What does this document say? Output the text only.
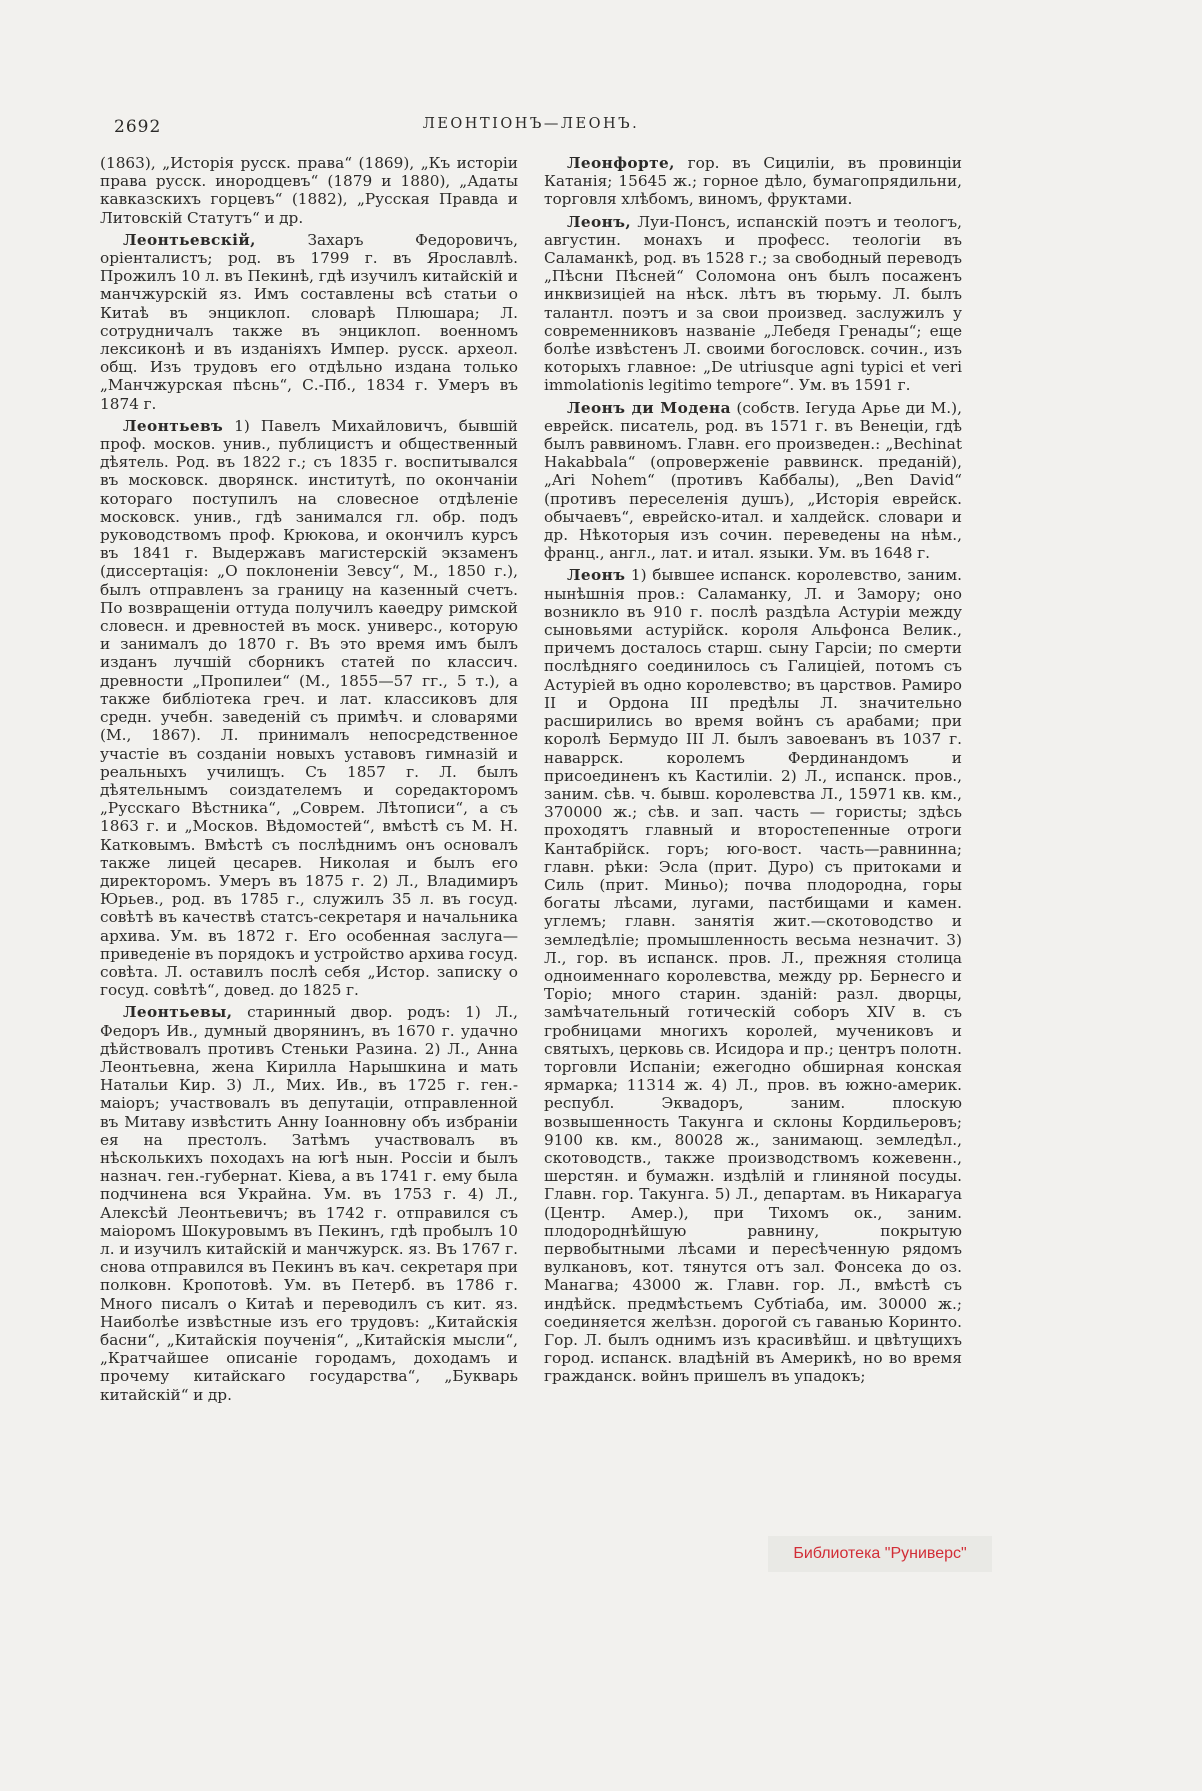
2692	ЛЕОНТІОНЪ—ЛЕОНЪ.

(1863), „Исторія русск. права“ (1869), „Къ исторіи права русск. инородцевъ“ (1879 и 1880), „Адаты кавказскихъ горцевъ“ (1882), „Русская Правда и Литовскій Статутъ“ и др.

Леонтьевскій, Захаръ Федоровичъ, оріенталистъ; род. въ 1799 г. въ Ярославлѣ. Прожилъ 10 л. въ Пекинѣ, гдѣ изучилъ китайскій и манчжурскій яз. Имъ составлены всѣ статьи о Китаѣ въ энциклоп. словарѣ Плюшара; Л. сотрудничалъ также въ энциклоп. военномъ лексиконѣ и въ изданіяхъ Импер. русск. археол. общ. Изъ трудовъ его отдѣльно издана только „Манчжурская пѣснь“, С.-Пб., 1834 г. Умеръ въ 1874 г.

Леонтьевъ 1) Павелъ Михайловичъ, бывшій проф. москов. унив., публицистъ и общественный дѣятель. Род. въ 1822 г.; съ 1835 г. воспитывался въ московск. дворянск. институтѣ, по окончаніи котораго поступилъ на словесное отдѣленіе московск. унив., гдѣ занимался гл. обр. подъ руководствомъ проф. Крюкова, и окончилъ курсъ въ 1841 г. Выдержавъ магистерскій экзаменъ (диссертація: „О поклоненіи Зевсу“, М., 1850 г.), былъ отправленъ за границу на казенный счетъ. По возвращеніи оттуда получилъ каѳедру римской словесн. и древностей въ моск. универс., которую и занималъ до 1870 г. Въ это время имъ былъ изданъ лучшій сборникъ статей по классич. древности „Пропилеи“ (М., 1855—57 гг., 5 т.), а также библіотека греч. и лат. классиковъ для средн. учебн. заведеній съ примѣч. и словарями (М., 1867). Л. принималъ непосредственное участіе въ созданіи новыхъ уставовъ гимназій и реальныхъ училищъ. Съ 1857 г. Л. былъ дѣятельнымъ соиздателемъ и соредакторомъ „Русскаго Вѣстника“, „Соврем. Лѣтописи“, а съ 1863 г. и „Москов. Вѣдомостей“, вмѣстѣ съ М. Н. Катковымъ. Вмѣстѣ съ послѣднимъ онъ основалъ также лицей цесарев. Николая и былъ его директоромъ. Умеръ въ 1875 г. 2) Л., Владимиръ Юрьев., род. въ 1785 г., служилъ 35 л. въ госуд. совѣтѣ въ качествѣ статсъ-секретаря и начальника архива. Ум. въ 1872 г. Его особенная заслуга—приведеніе въ порядокъ и устройство архива госуд. совѣта. Л. оставилъ послѣ себя „Истор. записку о госуд. совѣтѣ“, довед. до 1825 г.

Леонтьевы, старинный двор. родъ: 1) Л., Федоръ Ив., думный дворянинъ, въ 1670 г. удачно дѣйствовалъ противъ Стеньки Разина. 2) Л., Анна Леонтьевна, жена Кирилла Нарышкина и мать Натальи Кир. 3) Л., Мих. Ив., въ 1725 г. ген.-маіоръ; участвовалъ въ депутаціи, отправленной въ Митаву извѣстить Анну Іоанновну объ избраніи ея на престолъ. Затѣмъ участвовалъ въ нѣсколькихъ походахъ на югѣ нын. Россіи и былъ назнач. ген.-губернат. Кіева, а въ 1741 г. ему была подчинена вся Украйна. Ум. въ 1753 г. 4) Л., Алексѣй Леонтьевичъ; въ 1742 г. отправился съ маіоромъ Шокуровымъ въ Пекинъ, гдѣ пробылъ 10 л. и изучилъ китайскій и манчжурск. яз. Въ 1767 г. снова отправился въ Пекинъ въ кач. секретаря при полковн. Кропотовѣ. Ум. въ Петерб. въ 1786 г. Много писалъ о Китаѣ и переводилъ съ кит. яз. Наиболѣе извѣстные изъ его трудовъ: „Китайскія басни“, „Китайскія поученія“, „Китайскія мысли“, „Кратчайшее описаніе городамъ, доходамъ и прочему китайскаго государства“, „Букварь китайскій“ и др.

Леонфорте, гор. въ Сициліи, въ провинціи Катанія; 15645 ж.; горное дѣло, бумагопрядильни, торговля хлѣбомъ, виномъ, фруктами.

Леонъ, Луи-Понсъ, испанскій поэтъ и теологъ, августин. монахъ и професс. теологіи въ Саламанкѣ, род. въ 1528 г.; за свободный переводъ „Пѣсни Пѣсней“ Соломона онъ былъ посаженъ инквизиціей на нѣск. лѣтъ въ тюрьму. Л. былъ талантл. поэтъ и за свои произвед. заслужилъ у современниковъ названіе „Лебедя Гренады“; еще болѣе извѣстенъ Л. своими богословск. сочин., изъ которыхъ главное: „De utriusque agni typici et veri immolationis legitimo tempore“. Ум. въ 1591 г.

Леонъ ди Модена (собств. Іегуда Арье ди М.), еврейск. писатель, род. въ 1571 г. въ Венеціи, гдѣ былъ раввиномъ. Главн. его произведен.: „Bechinat Hakabbala“ (опроверженіе раввинск. преданій), „Ari Nohem“ (противъ Каббалы), „Ben David“ (противъ переселенія душъ), „Исторія еврейск. обычаевъ“, еврейско-итал. и халдейск. словари и др. Нѣкоторыя изъ сочин. переведены на нѣм., франц., англ., лат. и итал. языки. Ум. въ 1648 г.

Леонъ 1) бывшее испанск. королевство, заним. нынѣшнія пров.: Саламанку, Л. и Замору; оно возникло въ 910 г. послѣ раздѣла Астуріи между сыновьями астурійск. короля Альфонса Велик., причемъ досталось старш. сыну Гарсіи; по смерти послѣдняго соединилось съ Галиціей, потомъ съ Астуріей въ одно королевство; въ царствов. Рамиро II и Ордона III предѣлы Л. значительно расширились во время войнъ съ арабами; при королѣ Бермудо III Л. былъ завоеванъ въ 1037 г. наваррск. королемъ Фердинандомъ и присоединенъ къ Кастиліи. 2) Л., испанск. пров., заним. сѣв. ч. бывш. королевства Л., 15971 кв. км., 370000 ж.; сѣв. и зап. часть — гористы; здѣсь проходятъ главный и второстепенные отроги Кантабрійск. горъ; юго-вост. часть—равнинна; главн. рѣки: Эсла (прит. Дуро) съ притоками и Силь (прит. Миньо); почва плодородна, горы богаты лѣсами, лугами, пастбищами и камен. углемъ; главн. занятія жит.—скотоводство и земледѣліе; промышленность весьма незначит. 3) Л., гор. въ испанск. пров. Л., прежняя столица одноименнаго королевства, между рр. Бернесго и Торіо; много старин. зданій: разл. дворцы, замѣчательный готическій соборъ XIV в. съ гробницами многихъ королей, мучениковъ и святыхъ, церковь св. Исидора и пр.; центръ полотн. торговли Испаніи; ежегодно обширная конская ярмарка; 11314 ж. 4) Л., пров. въ южно-америк. республ. Эквадоръ, заним. плоскую возвышенность Такунга и склоны Кордильеровъ; 9100 кв. км., 80028 ж., занимающ. земледѣл., скотоводств., также производствомъ кожевенн., шерстян. и бумажн. издѣлій и глиняной посуды. Главн. гор. Такунга. 5) Л., департам. въ Никарагуа (Центр. Амер.), при Тихомъ ок., заним. плодороднѣйшую равнину, покрытую первобытными лѣсами и пересѣченную рядомъ вулкановъ, кот. тянутся отъ зал. Фонсека до оз. Манагва; 43000 ж. Главн. гор. Л., вмѣстѣ съ индѣйск. предмѣстьемъ Субтіаба, им. 30000 ж.; соединяется желѣзн. дорогой съ гаванью Коринто. Гор. Л. былъ однимъ изъ красивѣйш. и цвѣтущихъ город. испанск. владѣній въ Америкѣ, но во время гражданск. войнъ пришелъ въ упадокъ;

Библиотека "Руниверс"
